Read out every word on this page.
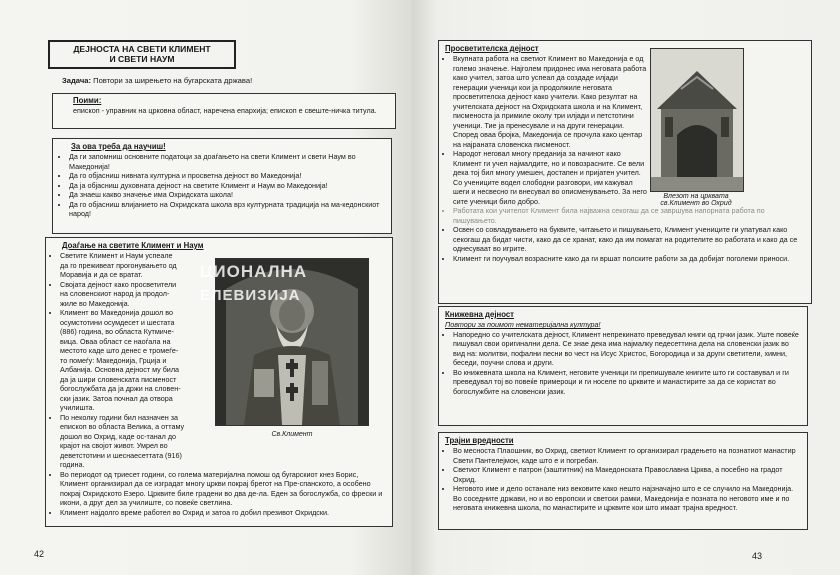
ДЕЈНОСТА НА СВЕТИ КЛИМЕНТ
И СВЕТИ НАУМ
Задача: Повтори за ширењето на бугарската држава!
Поими:
епископ - управник на црковна област, наречена епархија; епископ е свеште-ничка титула.
За ова треба да научиш!
• Да ги запомниш основните податоци за доаѓањето на свети Климент и свети Наум во Македонија!
• Да го објасниш нивната културна и просветна дејност во Македонија!
• Да ја објасниш духовната дејност на светите Климент и Наум во Македонија!
• Да знаеш какво значење има Охридската школа!
• Да го објасниш влијанието на Охридската школа врз културната традиција на ма-кедонскиот народ!
Доаѓање на светите Климент и Наум
• Светите Климент и Наум успеале да го преживеат прогонувањето од Моравија и да се вратат.
• Својата дејност како просветители на словенскиот народ ја продол-жиле во Македонија.
• Климент во Македонија дошол во осумстотини осумдесет и шестата (886) година, во областа Кутмиче-вица. Оваа област се наоѓала на местото каде што денес е тромеѓе-то помеѓу: Македонија, Грција и Албанија. Основна дејност му била да ја шири словенската писменост богослужбата да ја држи на словен-ски јазик. Затоа почнал да отвора училишта.
• По неколку години бил назначен за епископ во областа Велика, а оттаму дошол во Охрид, каде ос-танал до крајот на својот живот. Умрел во деветстотини и шеснаесеттата (916) година.
• Во периодот од триесет години, со голема материјална помош од бугарскиот кнез Борис, Климент организирал да се изградат многу цркви покрај брегот на Пре-спанското, а особено покрај Охридското Езеро. Црквите биле градени во два де-ла. Еден за богослужба, со фрески и икони, а друг дел за училиште, со повеќе светлина.
• Климент најдолго време работел во Охрид и затоа го добил презивот Охридски.
ЦИОНАЛНА
ЕЛЕВИЗИЈА
Св.Климент
42
Просветителска дејност
• Вкупната работа на светиот Климент во Македонија е од големо значење. Најголем придонес има неговата работа како учител, затоа што успеал да создаде илјади генерации ученици кои ја продолжиле неговата просветителска дејност како учители. Како резултат на учителската дејност на Охридската школа и на Климент, писменоста ја примиле околу три илјади и петстотини ученици. Тие ја пренесувале и на други генерации. Според оваа бројка, Македонија се прочула како центар на најраната словенска писменост.
• Народот неговал многу преданија за начинот како Климент ги учел најмалдите, но и повозрасните. Се вели дека тој бил многу умешен, достапен и пријатен учител. Со учениците водел слободни разговори, им кажувал шеги и несвесно ги внесувал во описменувањето. За него сите ученици било добро.
• Работата кои учителот Климент била најважна секогаш да се завршува напорната работа по пишувањето.
• Освен со совладувањето на буквите, читањето и пишувањето, Климент учениците ги упатувал како секогаш да бидат чисти, како да се хранат, како да им помагат на родителите во работата и како да се однесуваат во игрите.
• Климент ги поучувал возрасните како да ги вршат полските работи за да добијат поголеми приноси.
Влезот на црквата
св.Климент во Охрид
Книжевна дејност
Повтори за поимот нематеријална култура!
• Напоредно со учителската дејност, Климент непрекинато преведувал книги од грчки јазик. Уште повеќе пишувал свои оригинални дела. Се знае дека има најмалку педесеттина дела на словенски јазик во вид на: молитви, пофални песни во чест на Исус Христос, Богородица и за други светители, химни, беседи, поучни слова и други.
• Во книжевната школа на Климент, неговите ученици ги препишувале книгите што ги составувал и ги преведувал тој во повеќе примероци и ги носеле по црквите и манастирите за да се користат во богослужбите на словенски јазик.
Трајни вредности
• Во месноста Плаошник, во Охрид, светиот Климент го организирал градењето на познатиот манастир Свети Пантелејмон, каде што е и погребан.
• Светиот Климент е патрон (заштитник) на Македонската Православна Црква, а посебно на градот Охрид.
• Неговото име и дело останале низ вековите како нешто најзначајно што е се случило на Македонија. Во соседните држави, но и во европски и светски рамки, Македонија е позната по неговото име и по неговата книжевна школа, по манастирите и црквите кои што имаат трајна вредност.
43
